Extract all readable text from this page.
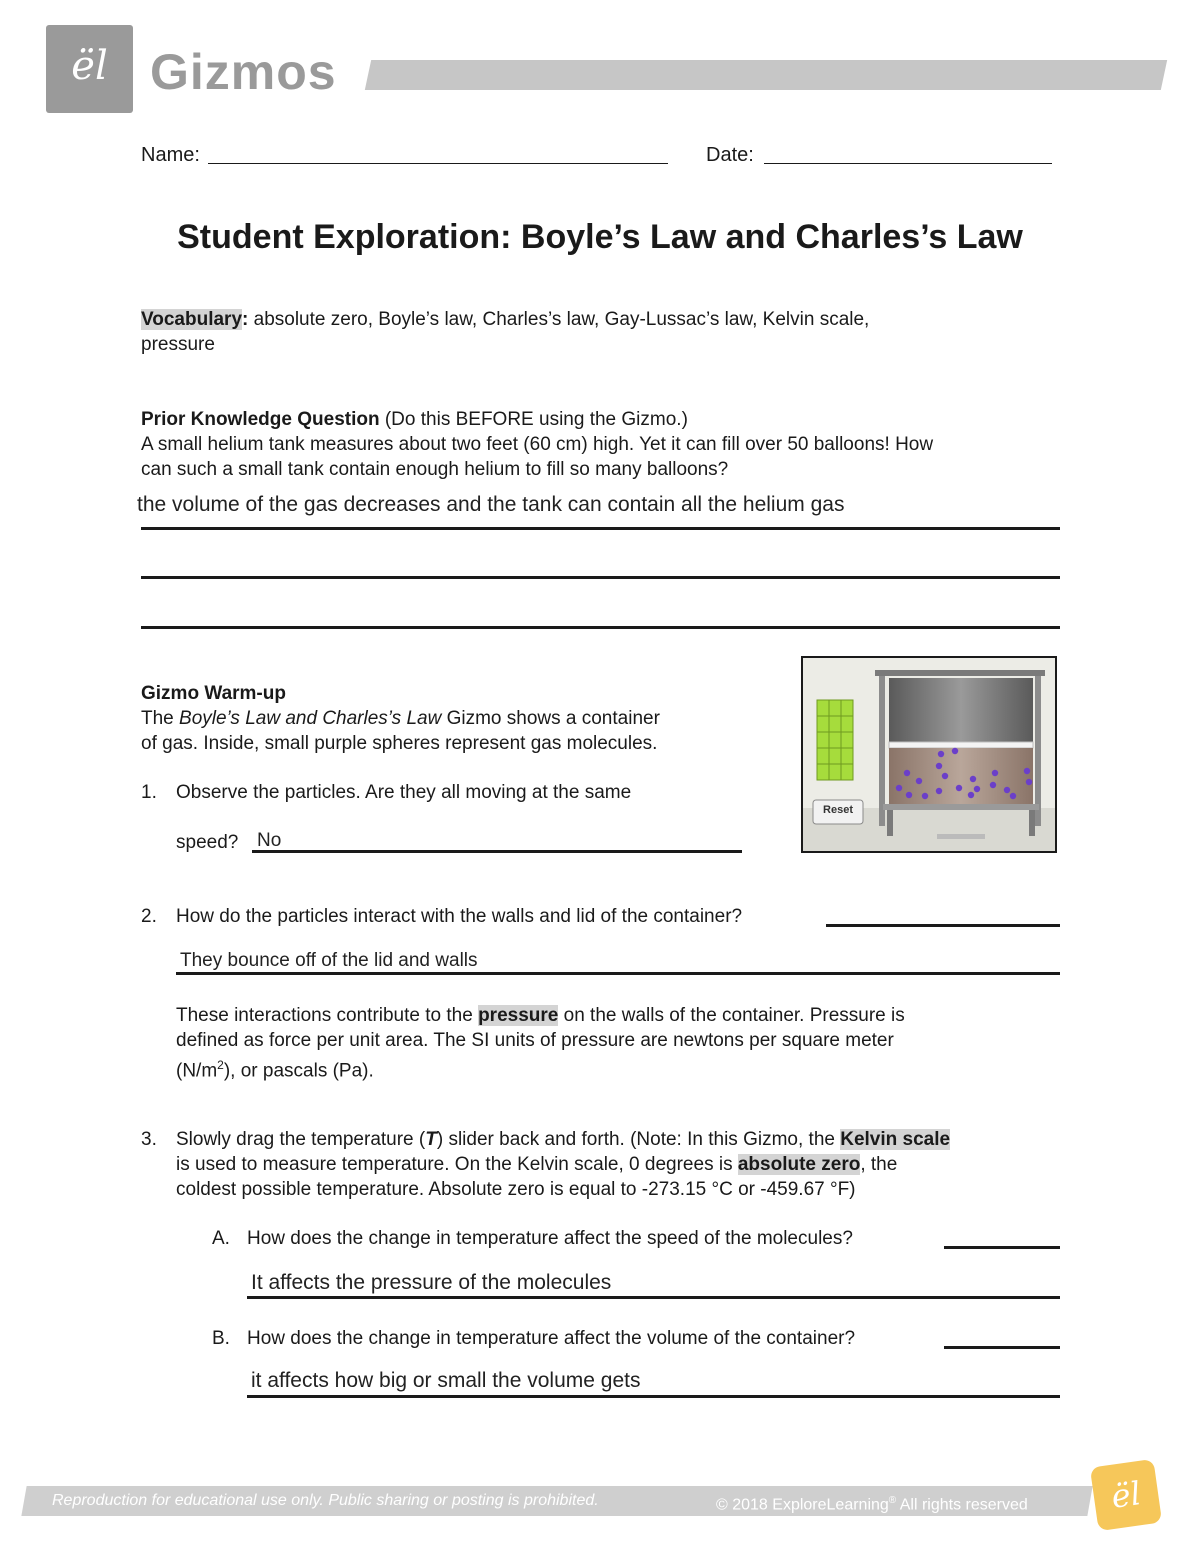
ël Gizmos
Name:	Date:
Student Exploration: Boyle’s Law and Charles’s Law
Vocabulary: absolute zero, Boyle’s law, Charles’s law, Gay-Lussac’s law, Kelvin scale,
pressure
Prior Knowledge Question (Do this BEFORE using the Gizmo.)
A small helium tank measures about two feet (60 cm) high. Yet it can fill over 50 balloons! How
can such a small tank contain enough helium to fill so many balloons?
the volume of the gas decreases and the tank can contain all the helium gas
Gizmo Warm-up
The Boyle’s Law and Charles’s Law Gizmo shows a container
of gas. Inside, small purple spheres represent gas molecules.
Reset
1. Observe the particles. Are they all moving at the same
speed? No
2. How do the particles interact with the walls and lid of the container?
They bounce off of the lid and walls
These interactions contribute to the pressure on the walls of the container. Pressure is
defined as force per unit area. The SI units of pressure are newtons per square meter
$(N/m^2)$, or pascals (Pa).
3. Slowly drag the temperature (T) slider back and forth. (Note: In this Gizmo, the Kelvin scale
is used to measure temperature. On the Kelvin scale, 0 degrees is absolute zero, the
coldest possible temperature. Absolute zero is equal to -273.15 °C or -459.67 °F)
A. How does the change in temperature affect the speed of the molecules?
It affects the pressure of the molecules
B. How does the change in temperature affect the volume of the container?
it affects how big or small the volume gets
Reproduction for educational use only. Public sharing or posting is prohibited.	© 2018 ExploreLearning® All rights reserved	ël
